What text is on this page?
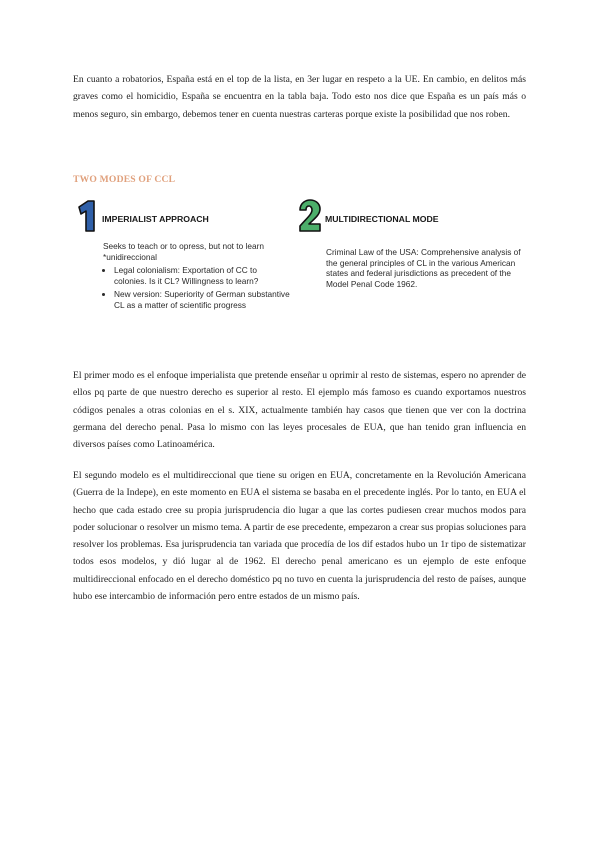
En cuanto a robatorios, España está en el top de la lista, en 3er lugar en respeto a la UE. En cambio, en delitos más graves como el homicidio, España se encuentra en la tabla baja. Todo esto nos dice que España es un país más o menos seguro, sin embargo, debemos tener en cuenta nuestras carteras porque existe la posibilidad que nos roben.

TWO MODES OF CCL
IMPERIALIST APPROACH

Seeks to teach or to opress, but not to learn *unidireccional

• Legal colonialism: Exportation of CC to colonies. Is it CL? Willingness to learn?
• New version: Superiority of German substantive CL as a matter of scientific progress
MULTIDIRECTIONAL MODE

Criminal Law of the USA: Comprehensive analysis of the general principles of CL in the various American states and federal jurisdictions as precedent of the Model Penal Code 1962.

El primer modo es el enfoque imperialista que pretende enseñar u oprimir al resto de sistemas, espero no aprender de ellos pq parte de que nuestro derecho es superior al resto. El ejemplo más famoso es cuando exportamos nuestros códigos penales a otras colonias en el s. XIX, actualmente también hay casos que tienen que ver con la doctrina germana del derecho penal. Pasa lo mismo con las leyes procesales de EUA, que han tenido gran influencia en diversos países como Latinoamérica.

El segundo modelo es el multidireccional que tiene su origen en EUA, concretamente en la Revolución Americana (Guerra de la Indepe), en este momento en EUA el sistema se basaba en el precedente inglés. Por lo tanto, en EUA el hecho que cada estado cree su propia jurisprudencia dio lugar a que las cortes pudiesen crear muchos modos para poder solucionar o resolver un mismo tema. A partir de ese precedente, empezaron a crear sus propias soluciones para resolver los problemas. Esa jurisprudencia tan variada que procedía de los dif estados hubo un 1r tipo de sistematizar todos esos modelos, y dió lugar al de 1962. El derecho penal americano es un ejemplo de este enfoque multidireccional enfocado en el derecho doméstico pq no tuvo en cuenta la jurisprudencia del resto de países, aunque hubo ese intercambio de información pero entre estados de un mismo país.
